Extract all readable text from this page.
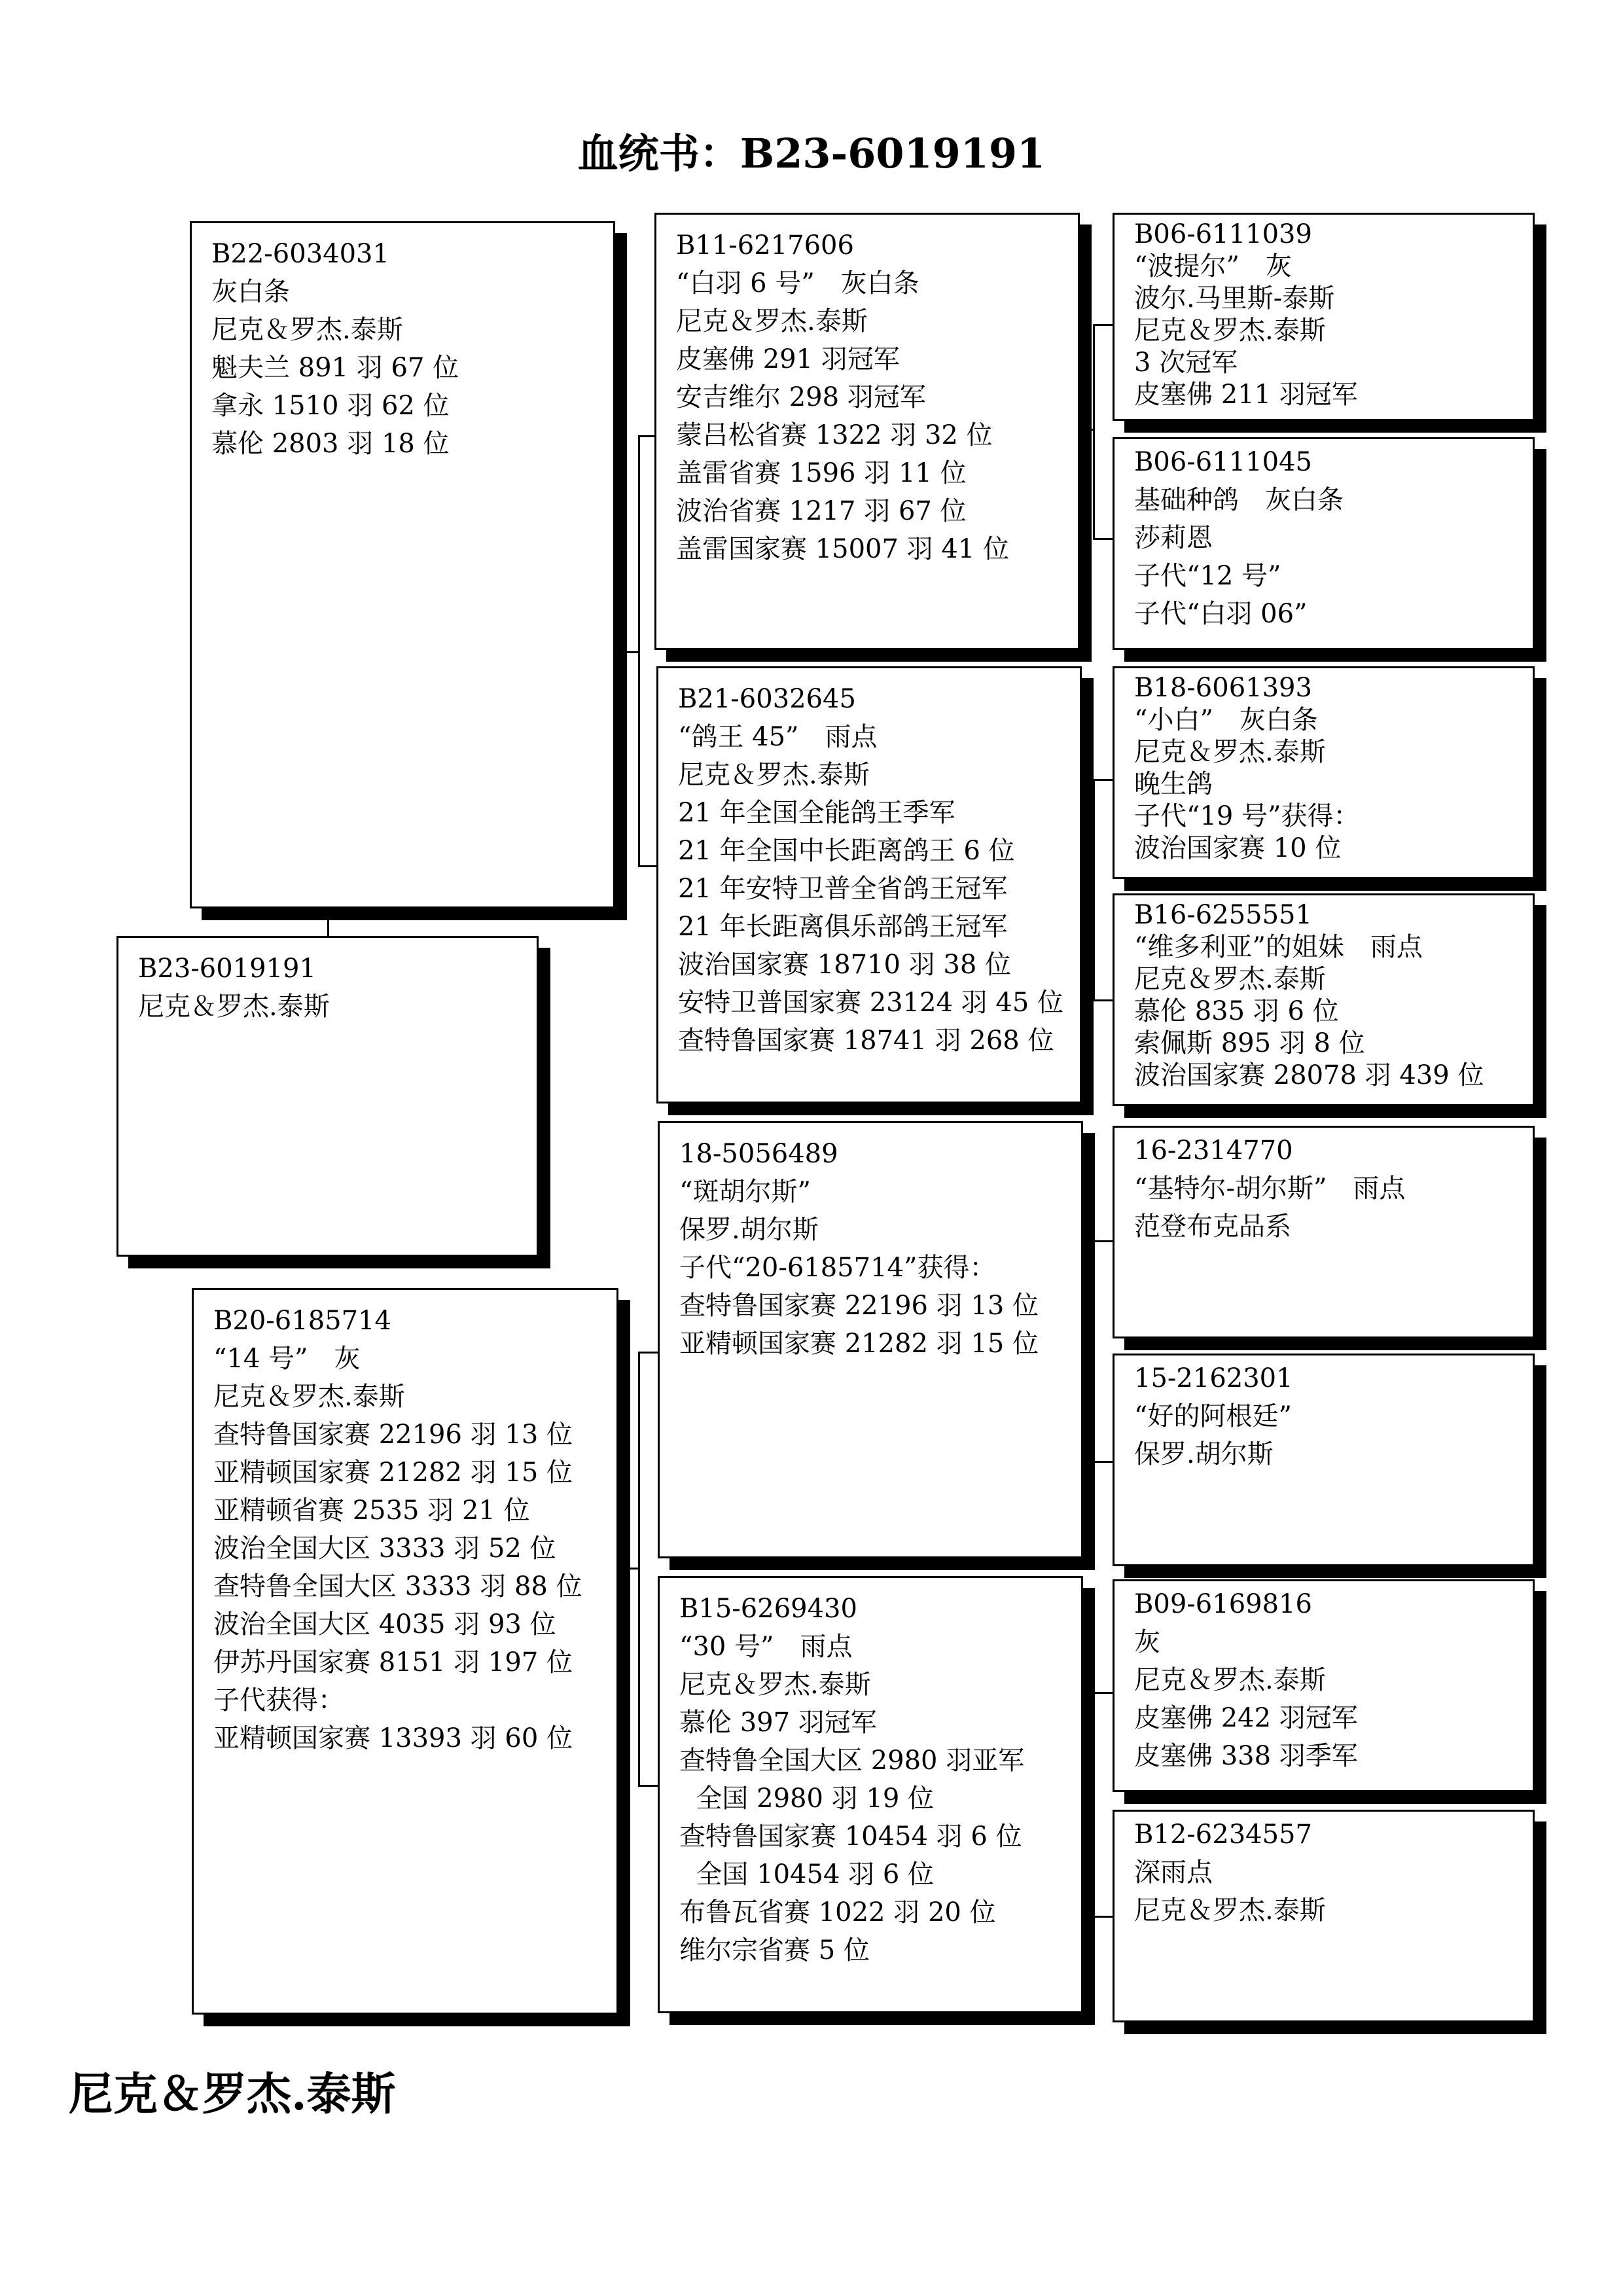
血统书：B23-6019191
B23-6019191
尼克＆罗杰.泰斯
B22-6034031
灰白条
尼克＆罗杰.泰斯
魁夫兰 891 羽 67 位
拿永 1510 羽 62 位
慕伦 2803 羽 18 位
B20-6185714
“14 号”　灰
尼克＆罗杰.泰斯
查特鲁国家赛 22196 羽 13 位
亚精顿国家赛 21282 羽 15 位
亚精顿省赛 2535 羽 21 位
波治全国大区 3333 羽 52 位
查特鲁全国大区 3333 羽 88 位
波治全国大区 4035 羽 93 位
伊苏丹国家赛 8151 羽 197 位
子代获得：
亚精顿国家赛 13393 羽 60 位
B11-6217606
“白羽 6 号”　灰白条
尼克＆罗杰.泰斯
皮塞佛 291 羽冠军
安吉维尔 298 羽冠军
蒙吕松省赛 1322 羽 32 位
盖雷省赛 1596 羽 11 位
波治省赛 1217 羽 67 位
盖雷国家赛 15007 羽 41 位
B21-6032645
“鸽王 45”　雨点
尼克＆罗杰.泰斯
21 年全国全能鸽王季军
21 年全国中长距离鸽王 6 位
21 年安特卫普全省鸽王冠军
21 年长距离俱乐部鸽王冠军
波治国家赛 18710 羽 38 位
安特卫普国家赛 23124 羽 45 位
查特鲁国家赛 18741 羽 268 位
18-5056489
“斑胡尔斯”
保罗.胡尔斯
子代“20-6185714”获得：
查特鲁国家赛 22196 羽 13 位
亚精顿国家赛 21282 羽 15 位
B15-6269430
“30 号”　雨点
尼克＆罗杰.泰斯
慕伦 397 羽冠军
查特鲁全国大区 2980 羽亚军
全国 2980 羽 19 位
查特鲁国家赛 10454 羽 6 位
全国 10454 羽 6 位
布鲁瓦省赛 1022 羽 20 位
维尔宗省赛 5 位
B06-6111039
“波提尔”　灰
波尔.马里斯-泰斯
尼克＆罗杰.泰斯
3 次冠军
皮塞佛 211 羽冠军
B06-6111045
基础种鸽　灰白条
莎莉恩
子代“12 号”
子代“白羽 06”
B18-6061393
“小白”　灰白条
尼克＆罗杰.泰斯
晚生鸽
子代“19 号”获得：
波治国家赛 10 位
B16-6255551
“维多利亚”的姐妹　雨点
尼克＆罗杰.泰斯
慕伦 835 羽 6 位
索佩斯 895 羽 8 位
波治国家赛 28078 羽 439 位
16-2314770
“基特尔-胡尔斯”　雨点
范登布克品系
15-2162301
“好的阿根廷”
保罗.胡尔斯
B09-6169816
灰
尼克＆罗杰.泰斯
皮塞佛 242 羽冠军
皮塞佛 338 羽季军
B12-6234557
深雨点
尼克＆罗杰.泰斯
尼克＆罗杰.泰斯
